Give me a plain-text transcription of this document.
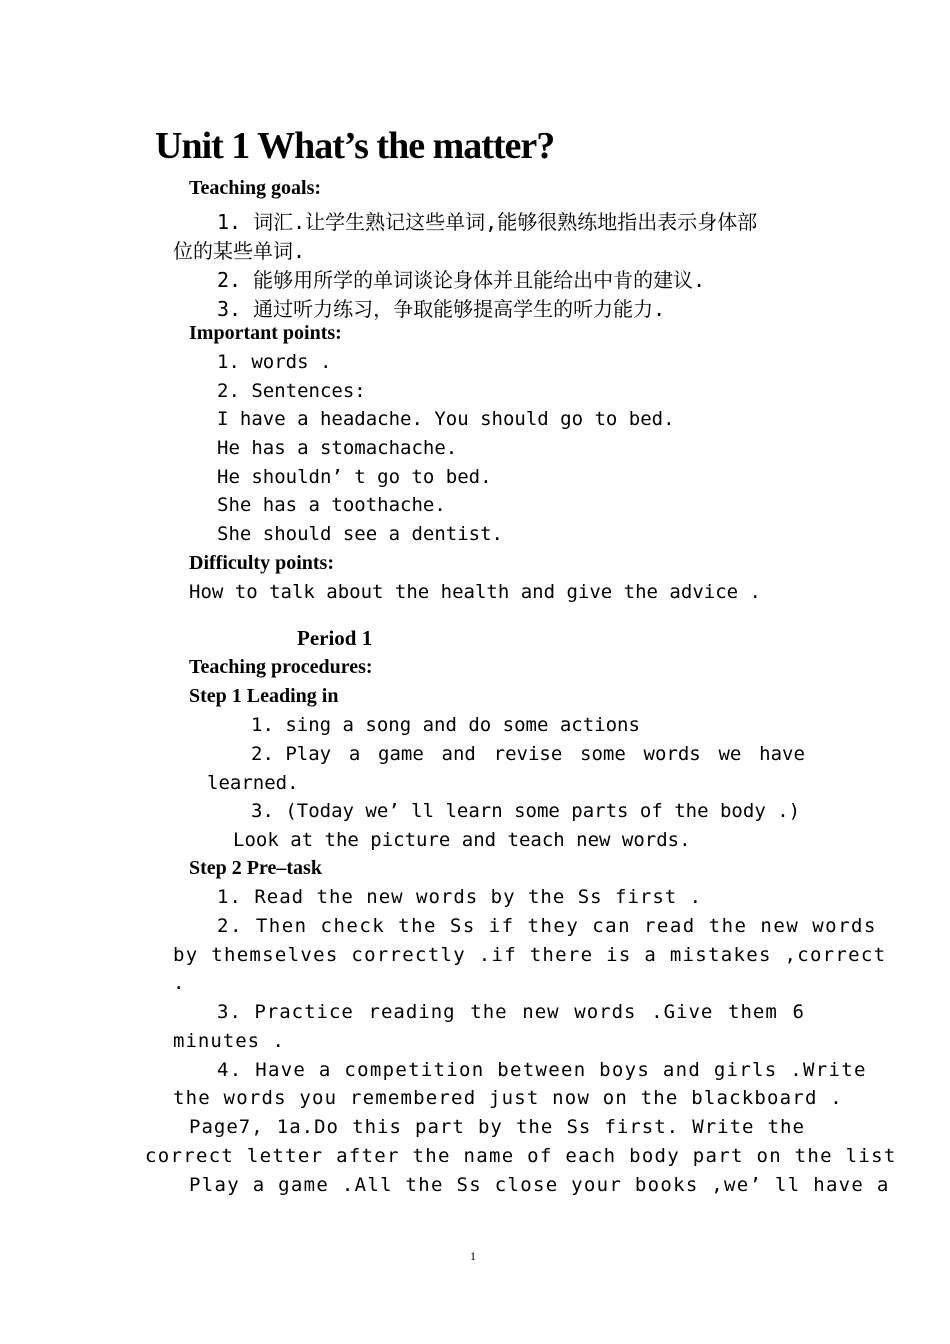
Unit 1 What’s the matter?
Teaching goals:
1. 词汇.让学生熟记这些单词,能够很熟练地指出表示身体部
位的某些单词.
2. 能够用所学的单词谈论身体并且能给出中肯的建议.
3. 通过听力练习，争取能够提高学生的听力能力.
Important points:
1. words .
2. Sentences:
I have a headache. You should go to bed.
He has a stomachache.
He shouldn’ t go to bed.
She has a toothache.
She should see a dentist.
Difficulty points:
How to talk about the health and give the advice .
Period 1
Teaching procedures:
Step 1 Leading in
1. sing a song and do some actions
2. Play a game and revise some words we have
learned.
3. (Today we’ ll learn some parts of the body .)
Look at the picture and teach new words.
Step 2 Pre–task
1. Read the new words by the Ss first .
2. Then check the Ss if they can read the new words
by themselves correctly .if there is a mistakes ,correct
.
3. Practice reading the new words .Give them 6
minutes .
4. Have a competition between boys and girls .Write
the words you remembered just now on the blackboard .
Page7, 1a.Do this part by the Ss first. Write the
correct letter after the name of each body part on the list
Play a game .All the Ss close your books ,we’ ll have a
1
